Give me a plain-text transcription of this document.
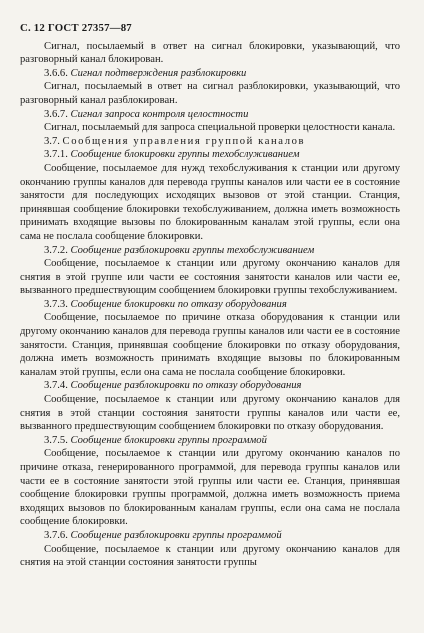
С. 12 ГОСТ 27357—87

Сигнал, посылаемый в ответ на сигнал блокировки, указывающий, что разговорный канал блокирован.

3.6.6. Сигнал подтверждения разблокировки

Сигнал, посылаемый в ответ на сигнал разблокировки, указывающий, что разговорный канал разблокирован.

3.6.7. Сигнал запроса контроля целостности

Сигнал, посылаемый для запроса специальной проверки целостности канала.

3.7. Сообщения управления группой каналов

3.7.1. Сообщение блокировки группы техобслуживанием

Сообщение, посылаемое для нужд техобслуживания к станции или другому окончанию группы каналов для перевода группы каналов или части ее в состояние занятости для последующих исходящих вызовов от этой станции. Станция, принявшая сообщение блокировки техобслуживанием, должна иметь возможность принимать входящие вызовы по блокированным каналам этой группы, если она сама не послала сообщение блокировки.

3.7.2. Сообщение разблокировки группы техобслуживанием

Сообщение, посылаемое к станции или другому окончанию каналов для снятия в этой группе или части ее состояния занятости каналов или части ее, вызванного предшествующим сообщением блокировки группы техобслуживанием.

3.7.3. Сообщение блокировки по отказу оборудования

Сообщение, посылаемое по причине отказа оборудования к станции или другому окончанию каналов для перевода группы каналов или части ее в состояние занятости. Станция, принявшая сообщение блокировки по отказу оборудования, должна иметь возможность принимать входящие вызовы по блокированным каналам этой группы, если она сама не послала сообщение блокировки.

3.7.4. Сообщение разблокировки по отказу оборудования

Сообщение, посылаемое к станции или другому окончанию каналов для снятия в этой станции состояния занятости группы каналов или части ее, вызванного предшествующим сообщением блокировки по отказу оборудования.

3.7.5. Сообщение блокировки группы программой

Сообщение, посылаемое к станции или другому окончанию каналов по причине отказа, генерированного программой, для перевода группы каналов или части ее в состояние занятости этой группы или части ее. Станция, принявшая сообщение блокировки группы программой, должна иметь возможность приема входящих вызовов по блокированным каналам группы, если она сама не послала сообщение блокировки.

3.7.6. Сообщение разблокировки группы программой

Сообщение, посылаемое к станции или другому окончанию каналов для снятия на этой станции состояния занятости группы
